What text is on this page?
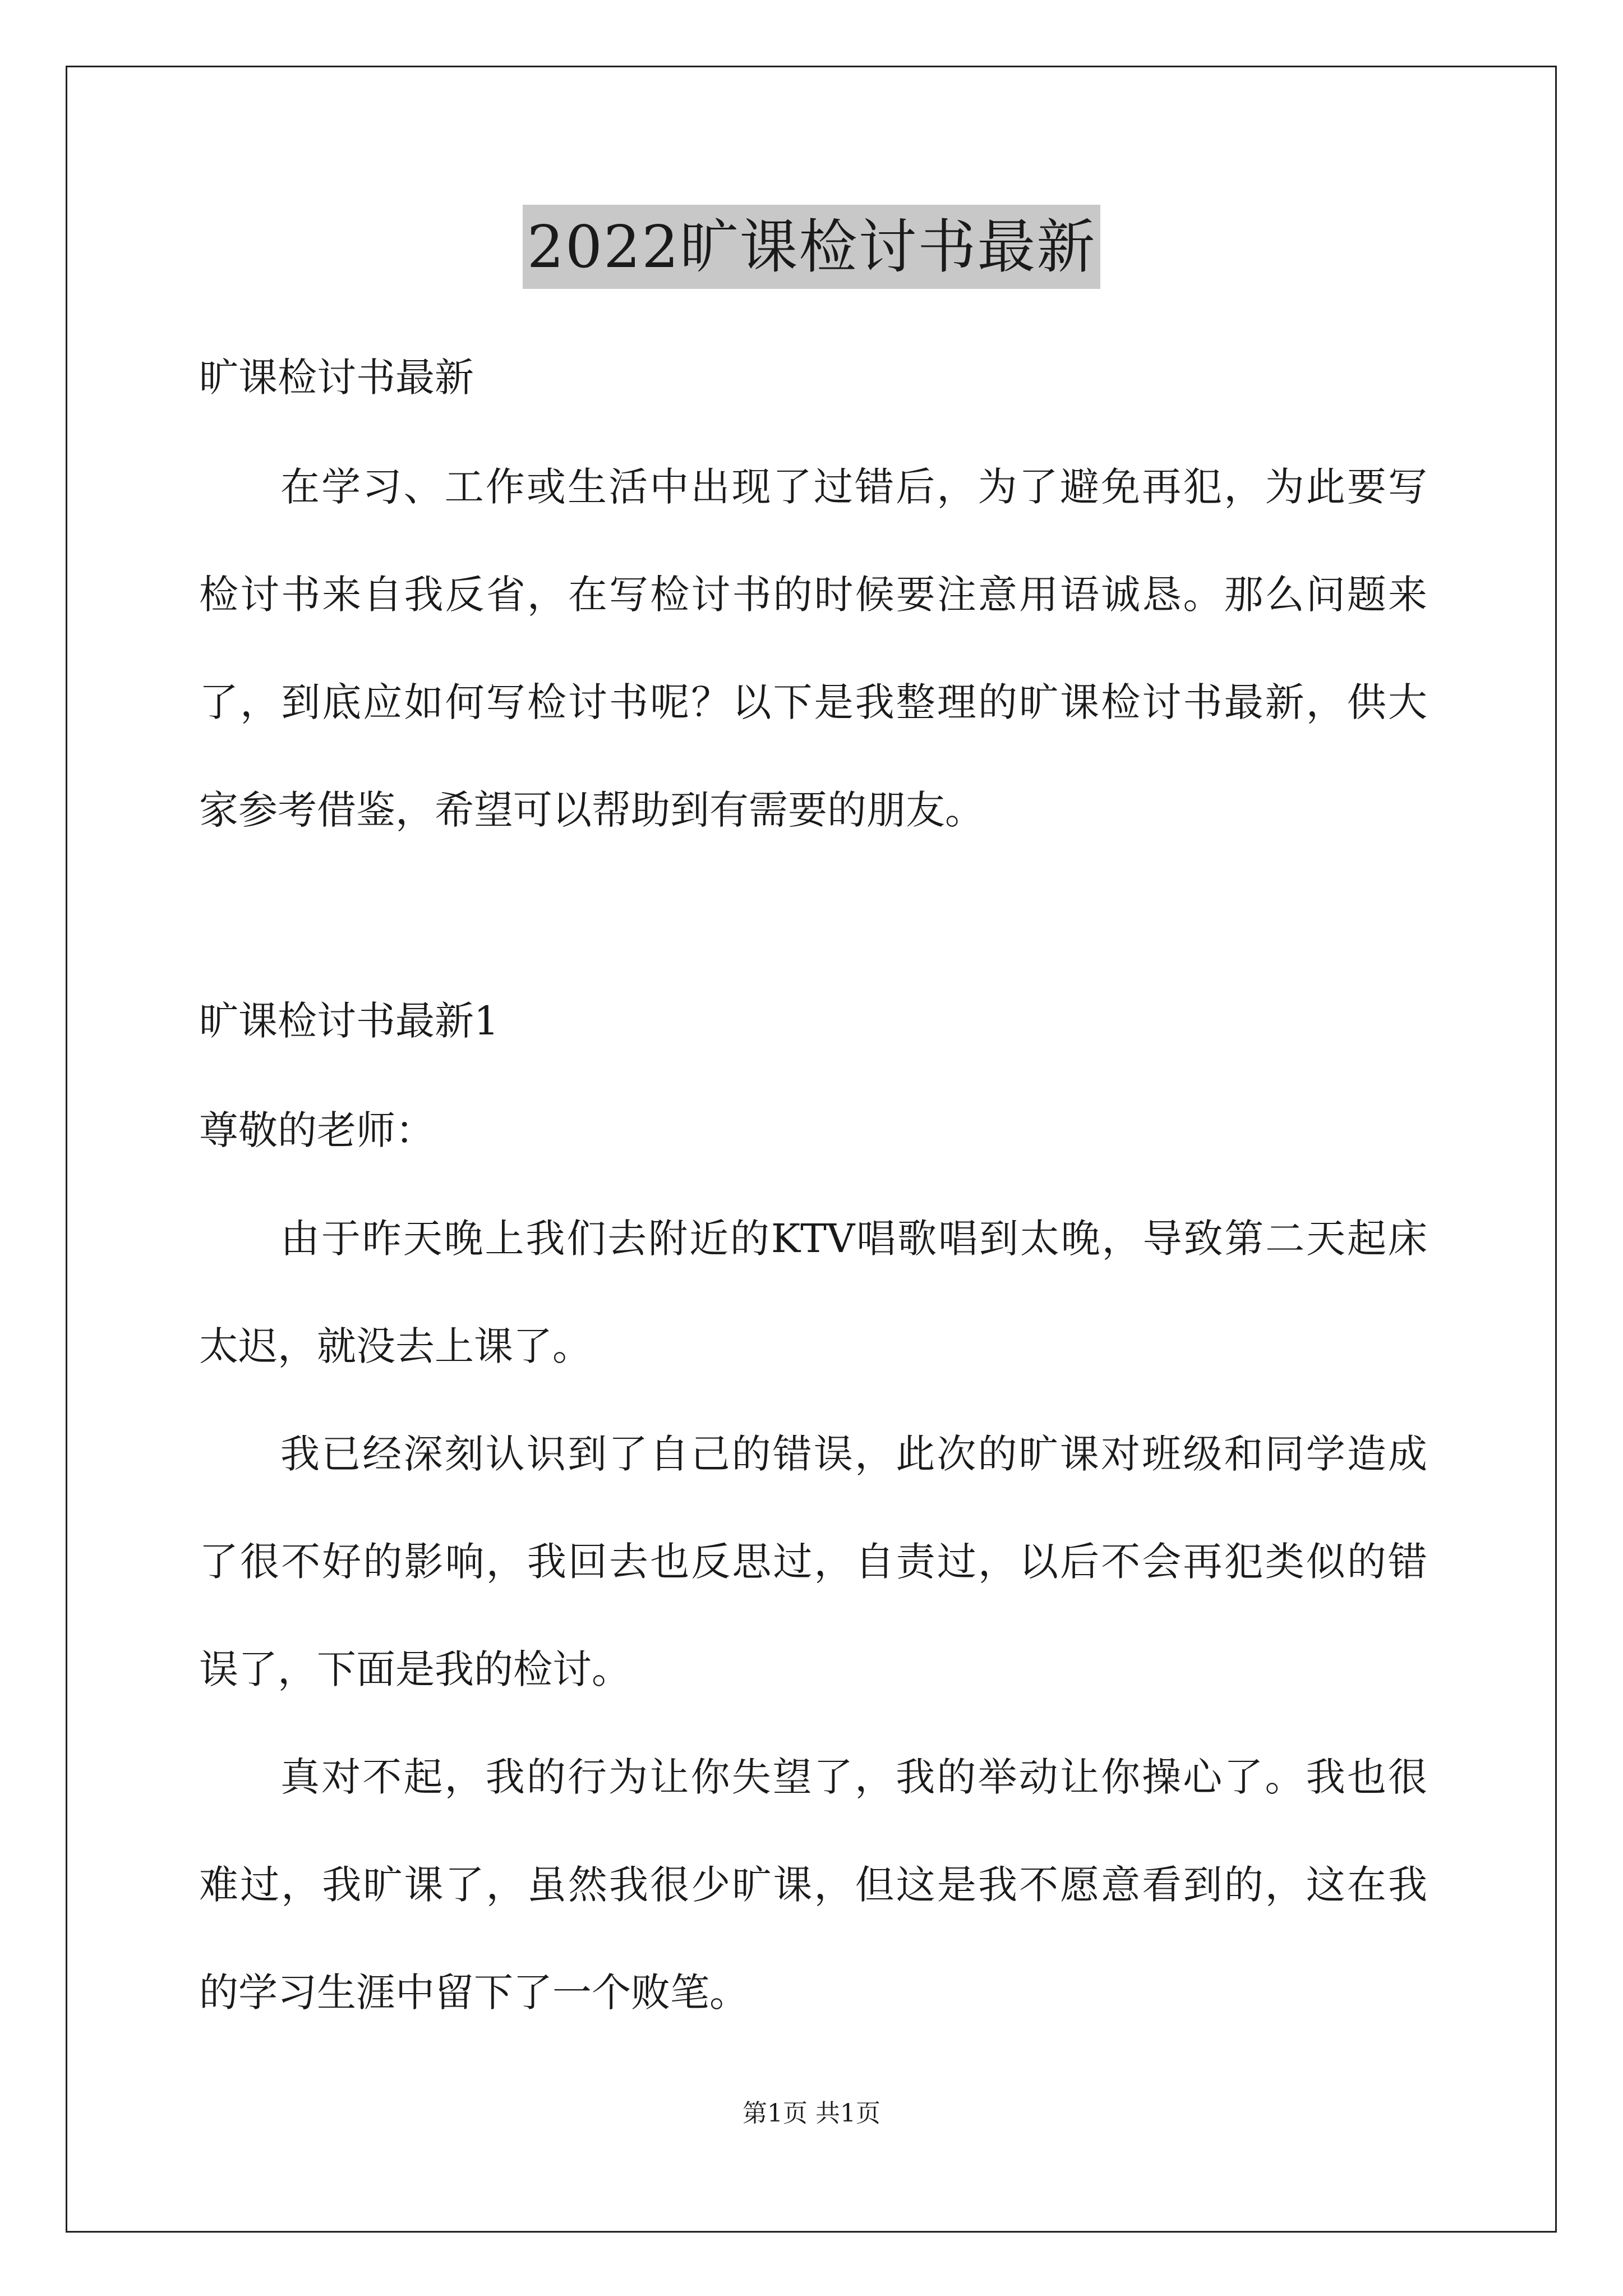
2022旷课检讨书最新
旷课检讨书最新
在学习、工作或生活中出现了过错后，为了避免再犯，为此要写
检讨书来自我反省，在写检讨书的时候要注意用语诚恳。那么问题来
了，到底应如何写检讨书呢？以下是我整理的旷课检讨书最新，供大
家参考借鉴，希望可以帮助到有需要的朋友。
旷课检讨书最新1
尊敬的老师：
由于昨天晚上我们去附近的KTV唱歌唱到太晚，导致第二天起床
太迟，就没去上课了。
我已经深刻认识到了自己的错误，此次的旷课对班级和同学造成
了很不好的影响，我回去也反思过，自责过，以后不会再犯类似的错
误了，下面是我的检讨。
真对不起，我的行为让你失望了，我的举动让你操心了。我也很
难过，我旷课了，虽然我很少旷课，但这是我不愿意看到的，这在我
的学习生涯中留下了一个败笔。
第1页 共1页
